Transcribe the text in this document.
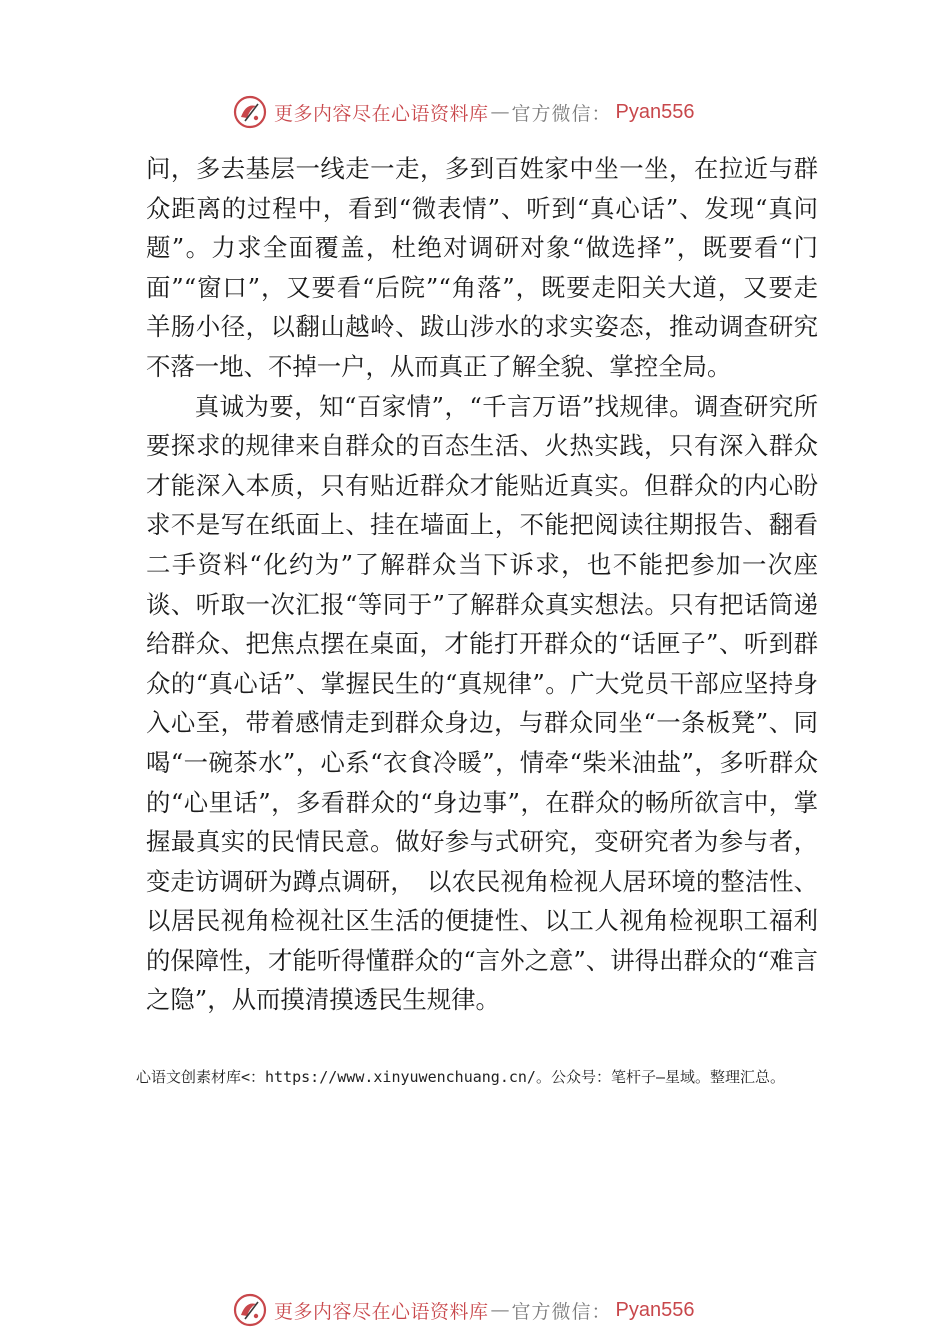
更多内容尽在心语资料库 — 官方微信： Pyan556

问，多去基层一线走一走，多到百姓家中坐一坐，在拉近与群众距离的过程中，看到“微表情”、听到“真心话”、发现“真问题”。力求全面覆盖，杜绝对调研对象“做选择”，既要看“门面”“窗口”，又要看“后院”“角落”，既要走阳关大道，又要走羊肠小径，以翻山越岭、跋山涉水的求实姿态，推动调查研究不落一地、不掉一户，从而真正了解全貌、掌控全局。

真诚为要，知“百家情”，“千言万语”找规律。调查研究所要探求的规律来自群众的百态生活、火热实践，只有深入群众才能深入本质，只有贴近群众才能贴近真实。但群众的内心盼求不是写在纸面上、挂在墙面上，不能把阅读往期报告、翻看二手资料“化约为”了解群众当下诉求，也不能把参加一次座谈、听取一次汇报“等同于”了解群众真实想法。只有把话筒递给群众、把焦点摆在桌面，才能打开群众的“话匣子”、听到群众的“真心话”、掌握民生的“真规律”。广大党员干部应坚持身入心至，带着感情走到群众身边，与群众同坐“一条板凳”、同喝“一碗茶水”，心系“衣食冷暖”，情牵“柴米油盐”，多听群众的“心里话”，多看群众的“身边事”，在群众的畅所欲言中，掌握最真实的民情民意。做好参与式研究，变研究者为参与者，变走访调研为蹲点调研，　以农民视角检视人居环境的整洁性、以居民视角检视社区生活的便捷性、以工人视角检视职工福利的保障性，才能听得懂群众的“言外之意”、讲得出群众的“难言之隐”，从而摸清摸透民生规律。

心语文创素材库<：https://www.xinyuwenchuang.cn/。公众号：笔杆子—星域。整理汇总。
更多内容尽在心语资料库 — 官方微信： Pyan556
